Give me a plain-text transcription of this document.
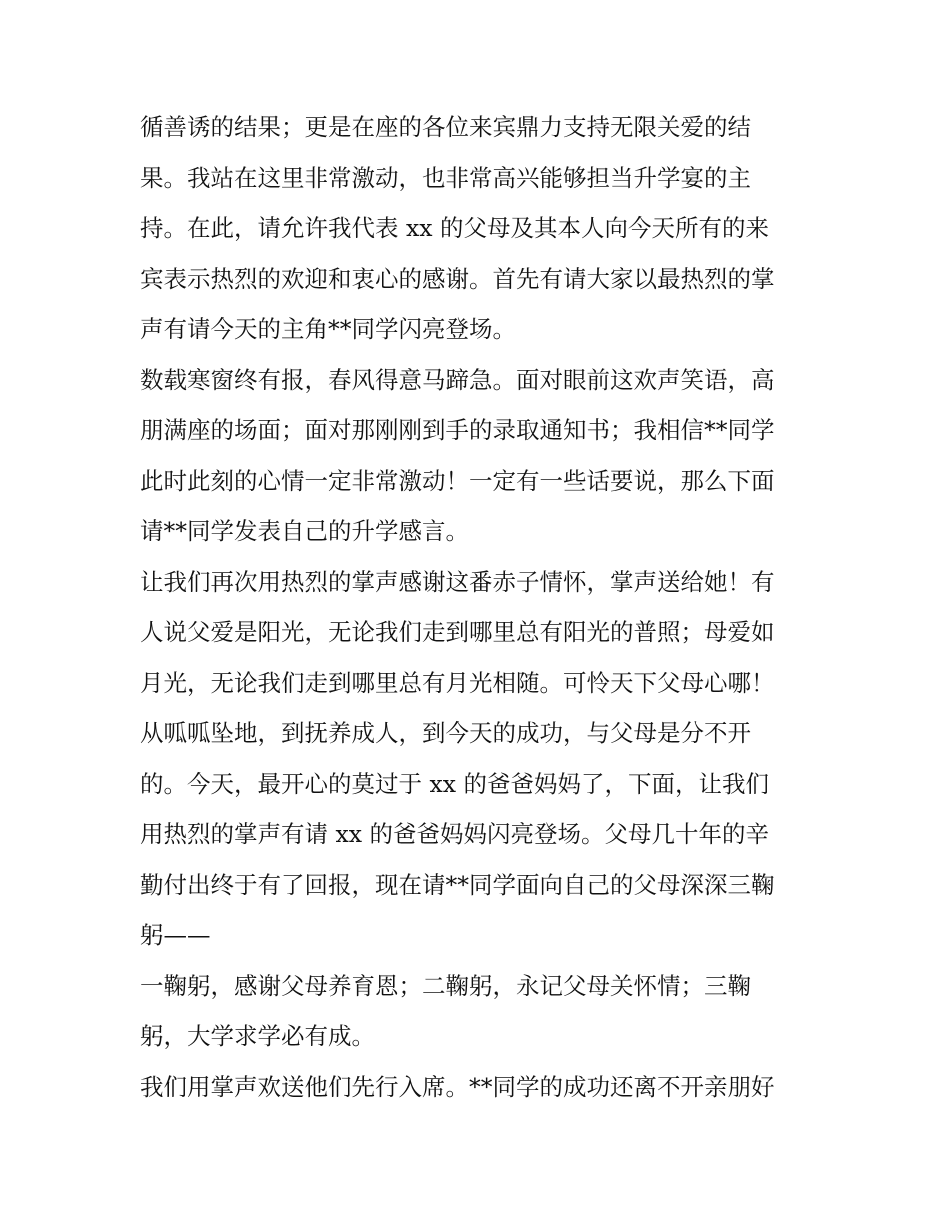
循善诱的结果；更是在座的各位来宾鼎力支持无限关爱的结
果。我站在这里非常激动，也非常高兴能够担当升学宴的主
持。在此，请允许我代表 xx 的父母及其本人向今天所有的来
宾表示热烈的欢迎和衷心的感谢。首先有请大家以最热烈的掌
声有请今天的主角**同学闪亮登场。
数载寒窗终有报，春风得意马蹄急。面对眼前这欢声笑语，高
朋满座的场面；面对那刚刚到手的录取通知书；我相信**同学
此时此刻的心情一定非常激动！一定有一些话要说，那么下面
请**同学发表自己的升学感言。
让我们再次用热烈的掌声感谢这番赤子情怀，掌声送给她！有
人说父爱是阳光，无论我们走到哪里总有阳光的普照；母爱如
月光，无论我们走到哪里总有月光相随。可怜天下父母心哪！
从呱呱坠地，到抚养成人，到今天的成功，与父母是分不开
的。今天，最开心的莫过于 xx 的爸爸妈妈了，下面，让我们
用热烈的掌声有请 xx 的爸爸妈妈闪亮登场。父母几十年的辛
勤付出终于有了回报，现在请**同学面向自己的父母深深三鞠
躬——
一鞠躬，感谢父母养育恩；二鞠躬，永记父母关怀情；三鞠
躬，大学求学必有成。
我们用掌声欢送他们先行入席。**同学的成功还离不开亲朋好
